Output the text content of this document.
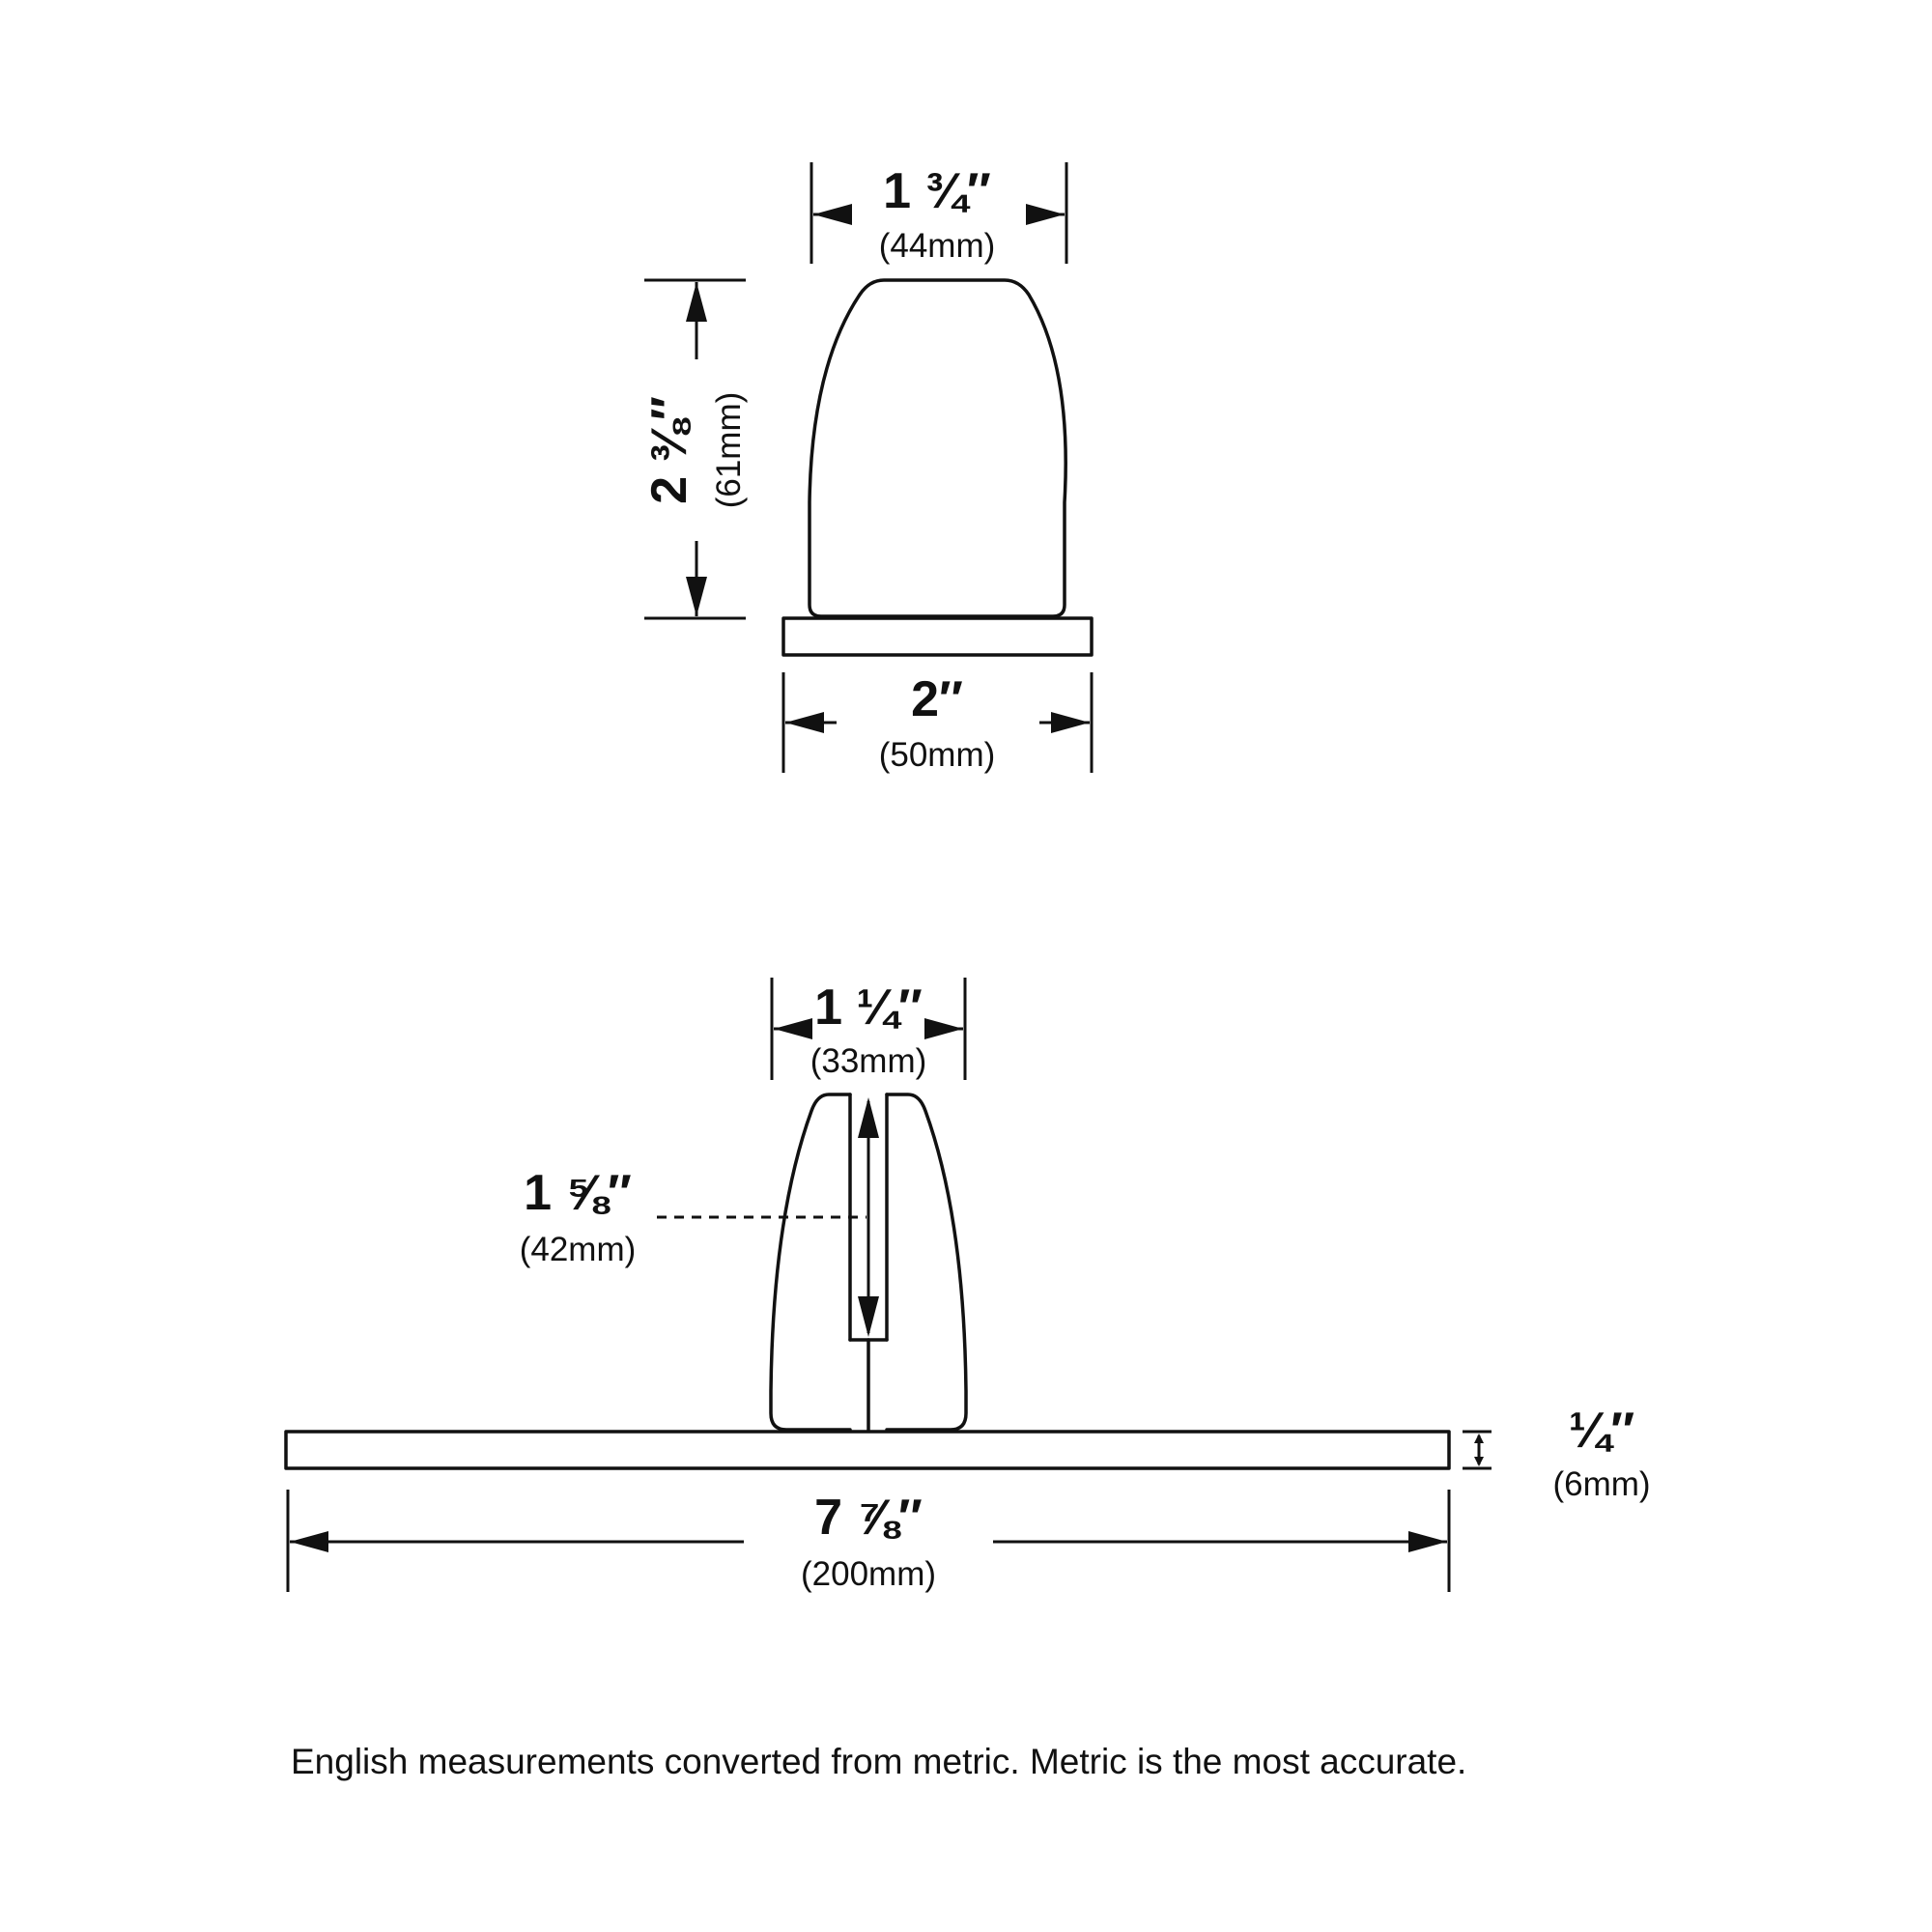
1 ¾″
(44mm)
2 ⅜″ (61mm)
2″
(50mm)
1 ¼″
(33mm)
1 ⅝″
(42mm)
¼″
(6mm)
7 ⅞″
(200mm)
English measurements converted from metric. Metric is the most accurate.
